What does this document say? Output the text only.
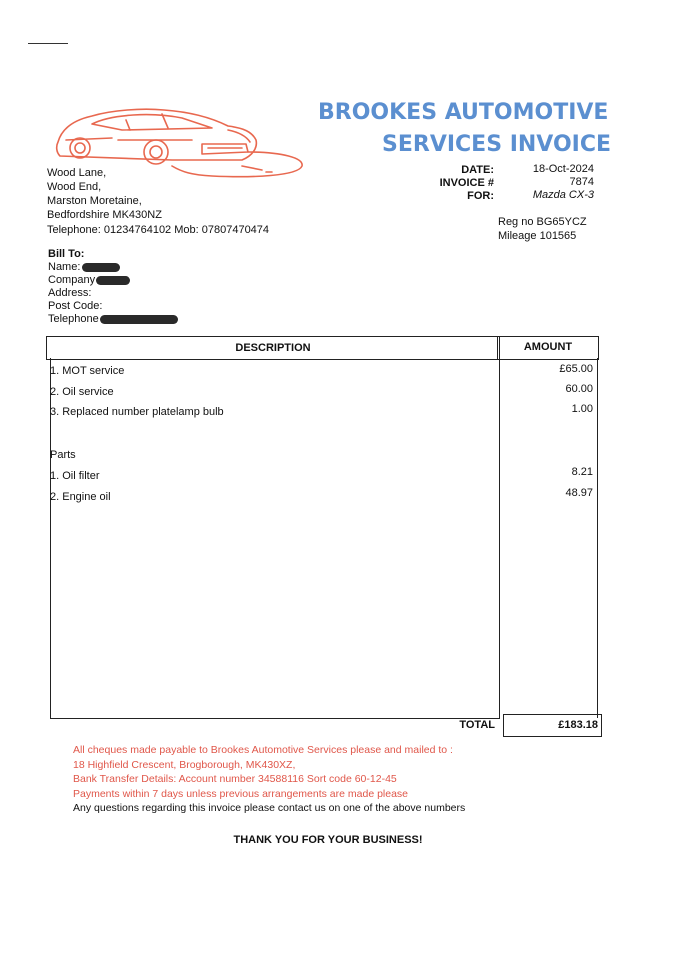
BROOKES AUTOMOTIVE
SERVICES INVOICE
Wood Lane,
Wood End,
Marston Moretaine,
Bedfordshire MK430NZ
Telephone: 01234764102 Mob: 07807470474
DATE:	18-Oct-2024
INVOICE #	7874
FOR:	Mazda CX-3
Reg no BG65YCZ
Mileage 101565
Bill To:
Name:
Company
Address:
Post Code:
Telephone
DESCRIPTION	AMOUNT
1. MOT service	£65.00
2. Oil service	60.00
3. Replaced number platelamp bulb	1.00
Parts
1. Oil filter	8.21
2. Engine oil	48.97
TOTAL	£183.18
All cheques made payable to Brookes Automotive Services please and mailed to :
18 Highfield Crescent, Brogborough, MK430XZ,
Bank Transfer Details: Account number 34588116 Sort code 60-12-45
Payments within 7 days unless previous arrangements are made please
Any questions regarding this invoice please contact us on one of the above numbers
THANK YOU FOR YOUR BUSINESS!
